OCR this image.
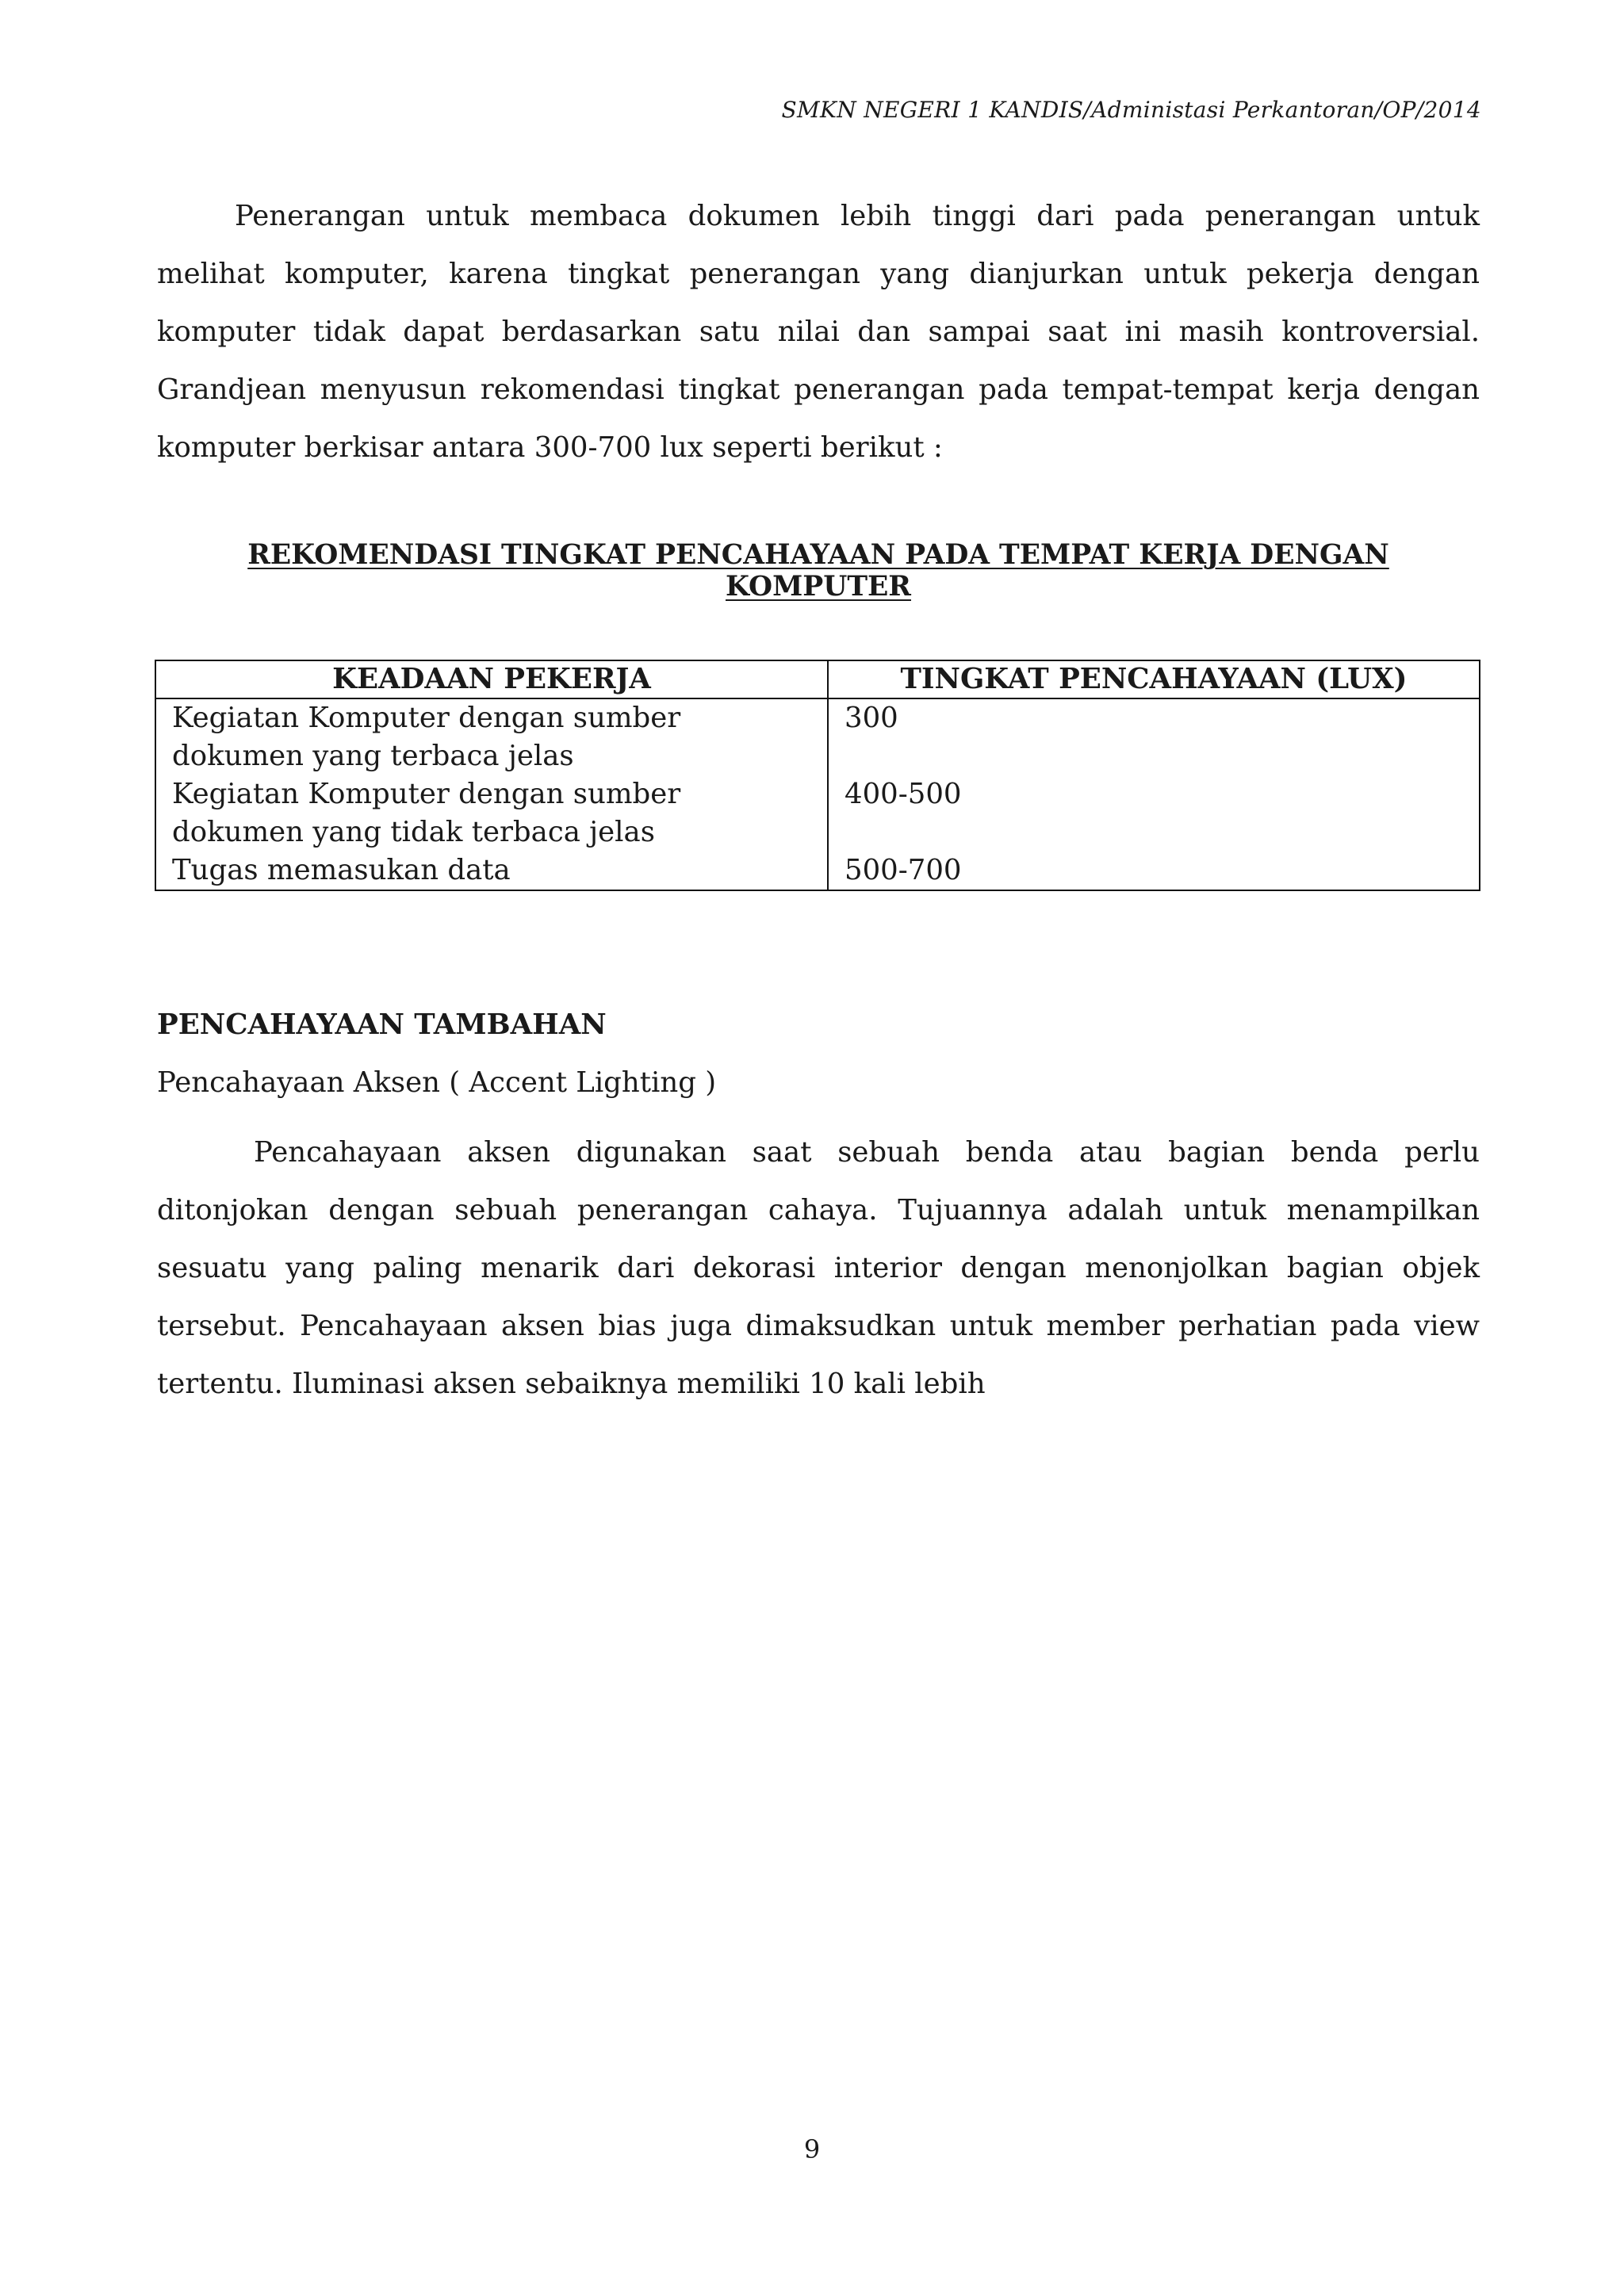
SMKN NEGERI 1 KANDIS/Administasi Perkantoran/OP/2014

Penerangan untuk membaca dokumen lebih tinggi dari pada penerangan untuk melihat komputer, karena tingkat penerangan yang dianjurkan untuk pekerja dengan komputer tidak dapat berdasarkan satu nilai dan sampai saat ini masih kontroversial. Grandjean menyusun rekomendasi tingkat penerangan pada tempat-tempat kerja dengan komputer berkisar antara 300-700 lux seperti berikut :

REKOMENDASI TINGKAT PENCAHAYAAN PADA TEMPAT KERJA DENGAN KOMPUTER
KEADAAN PEKERJA	TINGKAT PENCAHAYAAN (LUX)
Kegiatan Komputer dengan sumber dokumen yang terbaca jelas	300
Kegiatan Komputer dengan sumber dokumen yang tidak terbaca jelas	400-500
Tugas memasukan data	500-700
PENCAHAYAAN TAMBAHAN
Pencahayaan Aksen ( Accent Lighting )

Pencahayaan aksen digunakan saat sebuah benda atau bagian benda perlu ditonjokan dengan sebuah penerangan cahaya. Tujuannya adalah untuk menampilkan sesuatu yang paling menarik dari dekorasi interior dengan menonjolkan bagian objek tersebut. Pencahayaan aksen bias juga dimaksudkan untuk member perhatian pada view tertentu. Iluminasi aksen sebaiknya memiliki 10 kali lebih

9
